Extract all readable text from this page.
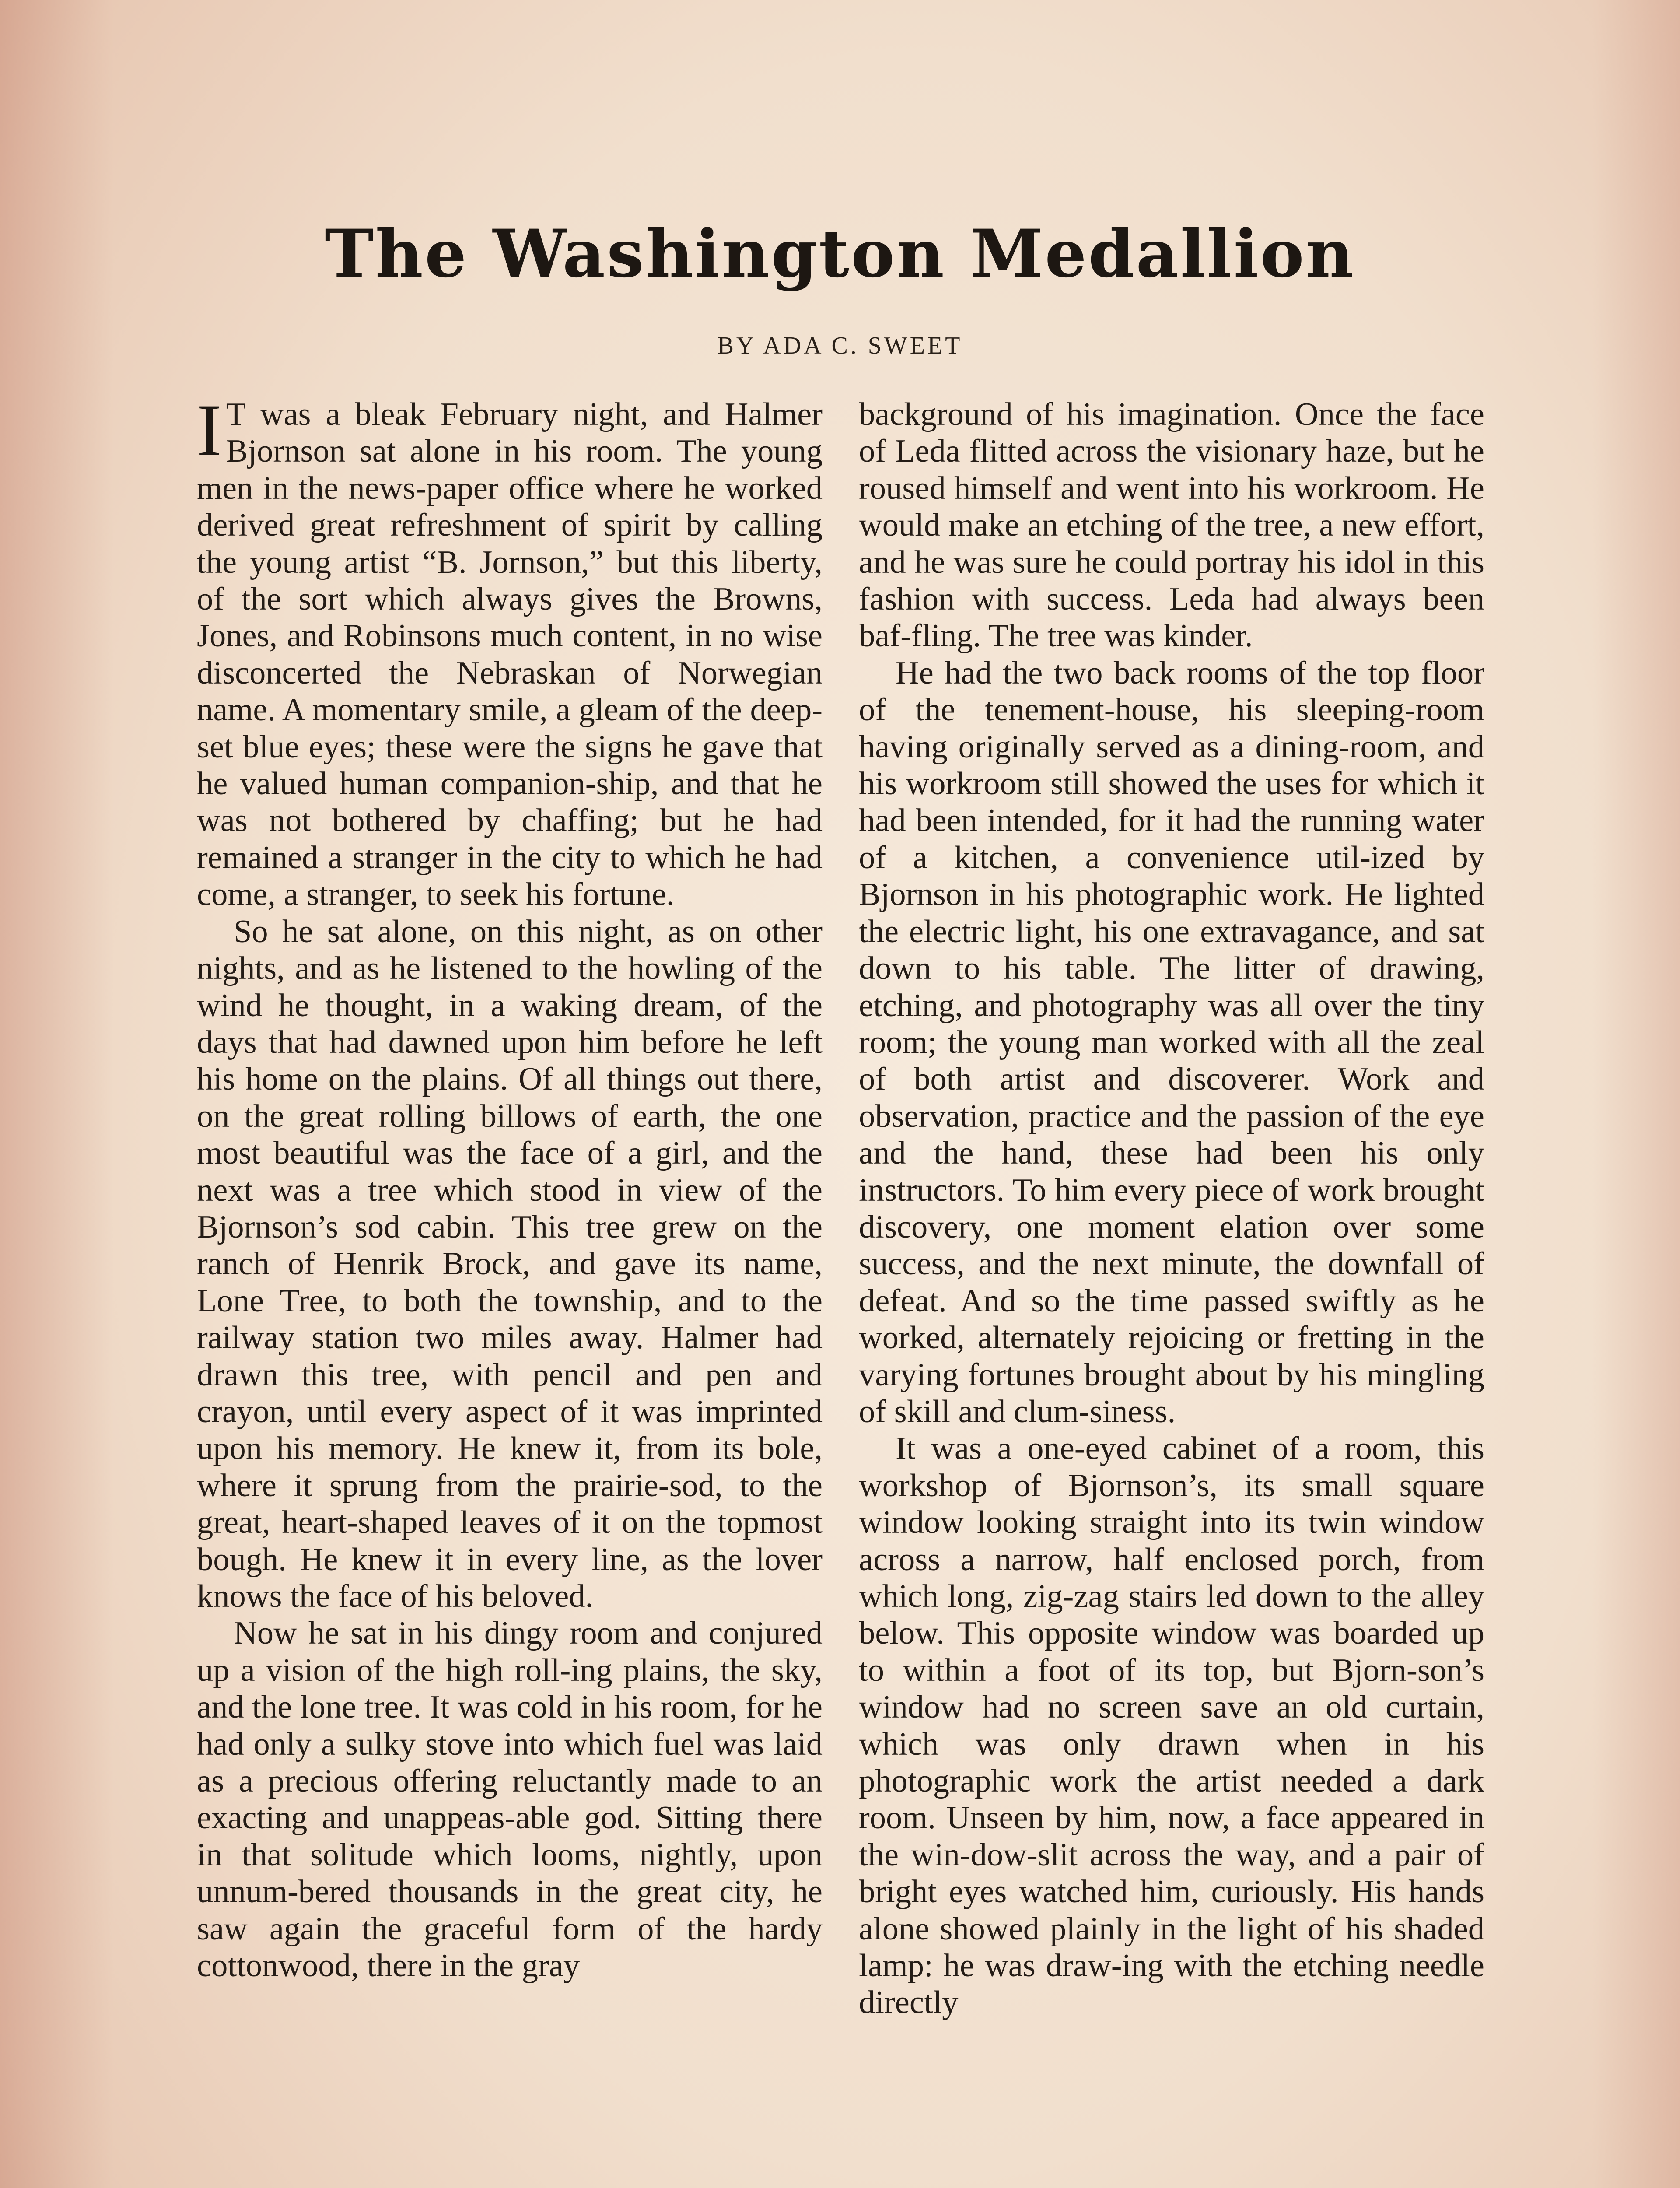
The Washington Medallion
BY ADA C. SWEET

I T was a bleak February night, and Halmer Bjornson sat alone in his room. The young men in the news-paper office where he worked derived great refreshment of spirit by calling the young artist “B. Jornson,” but this liberty, of the sort which always gives the Browns, Jones, and Robinsons much content, in no wise disconcerted the Nebraskan of Norwegian name. A momentary smile, a gleam of the deep-set blue eyes; these were the signs he gave that he valued human companion-ship, and that he was not bothered by chaffing; but he had remained a stranger in the city to which he had come, a stranger, to seek his fortune.

So he sat alone, on this night, as on other nights, and as he listened to the howling of the wind he thought, in a waking dream, of the days that had dawned upon him before he left his home on the plains. Of all things out there, on the great rolling billows of earth, the one most beautiful was the face of a girl, and the next was a tree which stood in view of the Bjornson’s sod cabin. This tree grew on the ranch of Henrik Brock, and gave its name, Lone Tree, to both the township, and to the railway station two miles away. Halmer had drawn this tree, with pencil and pen and crayon, until every aspect of it was imprinted upon his memory. He knew it, from its bole, where it sprung from the prairie-sod, to the great, heart-shaped leaves of it on the topmost bough. He knew it in every line, as the lover knows the face of his beloved.

Now he sat in his dingy room and conjured up a vision of the high roll-ing plains, the sky, and the lone tree. It was cold in his room, for he had only a sulky stove into which fuel was laid as a precious offering reluctantly made to an exacting and unappeas-able god. Sitting there in that solitude which looms, nightly, upon unnum-bered thousands in the great city, he saw again the graceful form of the hardy cottonwood, there in the gray

background of his imagination. Once the face of Leda flitted across the visionary haze, but he roused himself and went into his workroom. He would make an etching of the tree, a new effort, and he was sure he could portray his idol in this fashion with success. Leda had always been baf-fling. The tree was kinder.

He had the two back rooms of the top floor of the tenement-house, his sleeping-room having originally served as a dining-room, and his workroom still showed the uses for which it had been intended, for it had the running water of a kitchen, a convenience util-ized by Bjornson in his photographic work. He lighted the electric light, his one extravagance, and sat down to his table. The litter of drawing, etching, and photography was all over the tiny room; the young man worked with all the zeal of both artist and discoverer. Work and observation, practice and the passion of the eye and the hand, these had been his only instructors. To him every piece of work brought discovery, one moment elation over some success, and the next minute, the downfall of defeat. And so the time passed swiftly as he worked, alternately rejoicing or fretting in the varying fortunes brought about by his mingling of skill and clum-siness.

It was a one-eyed cabinet of a room, this workshop of Bjornson’s, its small square window looking straight into its twin window across a narrow, half enclosed porch, from which long, zig-zag stairs led down to the alley below. This opposite window was boarded up to within a foot of its top, but Bjorn-son’s window had no screen save an old curtain, which was only drawn when in his photographic work the artist needed a dark room. Unseen by him, now, a face appeared in the win-dow-slit across the way, and a pair of bright eyes watched him, curiously. His hands alone showed plainly in the light of his shaded lamp: he was draw-ing with the etching needle directly
